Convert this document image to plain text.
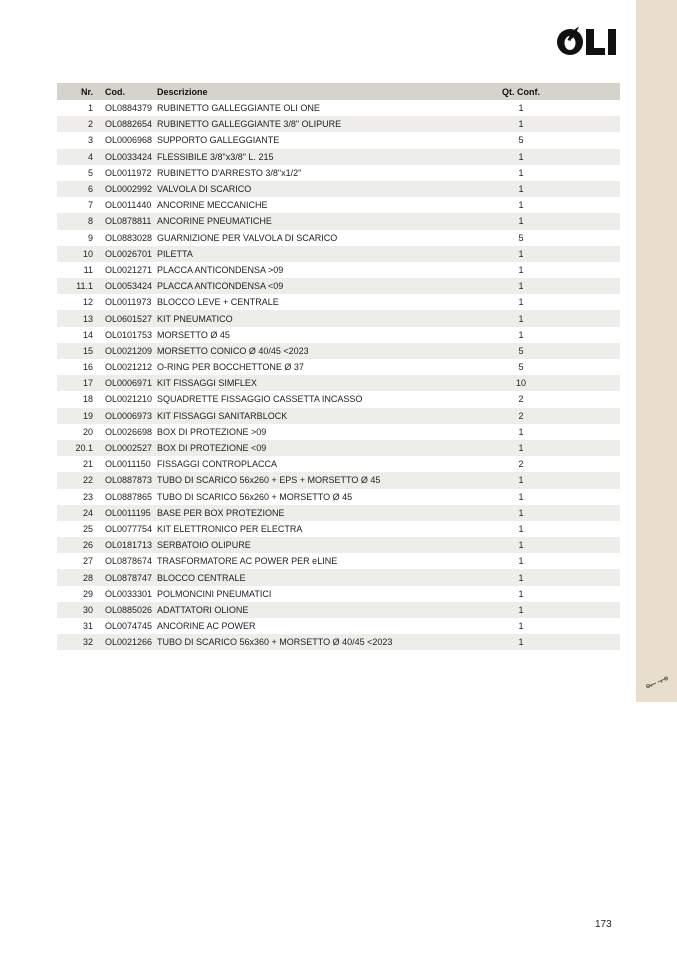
Nr.	Cod.	Descrizione	Qt. Conf.
1	OL0884379	RUBINETTO GALLEGGIANTE OLI ONE	1
2	OL0882654	RUBINETTO GALLEGGIANTE 3/8" OLIPURE	1
3	OL0006968	SUPPORTO GALLEGGIANTE	5
4	OL0033424	FLESSIBILE 3/8"x3/8" L. 215	1
5	OL0011972	RUBINETTO D'ARRESTO 3/8"x1/2"	1
6	OL0002992	VALVOLA DI SCARICO	1
7	OL0011440	ANCORINE MECCANICHE	1
8	OL0878811	ANCORINE PNEUMATICHE	1
9	OL0883028	GUARNIZIONE PER VALVOLA DI SCARICO	5
10	OL0026701	PILETTA	1
11	OL0021271	PLACCA ANTICONDENSA >09	1
11.1	OL0053424	PLACCA ANTICONDENSA <09	1
12	OL0011973	BLOCCO LEVE + CENTRALE	1
13	OL0601527	KIT PNEUMATICO	1
14	OL0101753	MORSETTO Ø 45	1
15	OL0021209	MORSETTO CONICO Ø 40/45 <2023	5
16	OL0021212	O-RING PER BOCCHETTONE Ø 37	5
17	OL0006971	KIT FISSAGGI SIMFLEX	10
18	OL0021210	SQUADRETTE FISSAGGIO CASSETTA INCASSO	2
19	OL0006973	KIT FISSAGGI SANITARBLOCK	2
20	OL0026698	BOX DI PROTEZIONE >09	1
20.1	OL0002527	BOX DI PROTEZIONE <09	1
21	OL0011150	FISSAGGI CONTROPLACCA	2
22	OL0887873	TUBO DI SCARICO 56x260 + EPS + MORSETTO Ø 45	1
23	OL0887865	TUBO DI SCARICO 56x260 + MORSETTO Ø 45	1
24	OL0011195	BASE PER BOX PROTEZIONE	1
25	OL0077754	KIT ELETTRONICO PER ELECTRA	1
26	OL0181713	SERBATOIO OLIPURE	1
27	OL0878674	TRASFORMATORE AC POWER PER eLINE	1
28	OL0878747	BLOCCO CENTRALE	1
29	OL0033301	POLMONCINI PNEUMATICI	1
30	OL0885026	ADATTATORI OLIONE	1
31	OL0074745	ANCORINE AC POWER	1
32	OL0021266	TUBO DI SCARICO 56x360 + MORSETTO Ø 40/45 <2023	1
173
